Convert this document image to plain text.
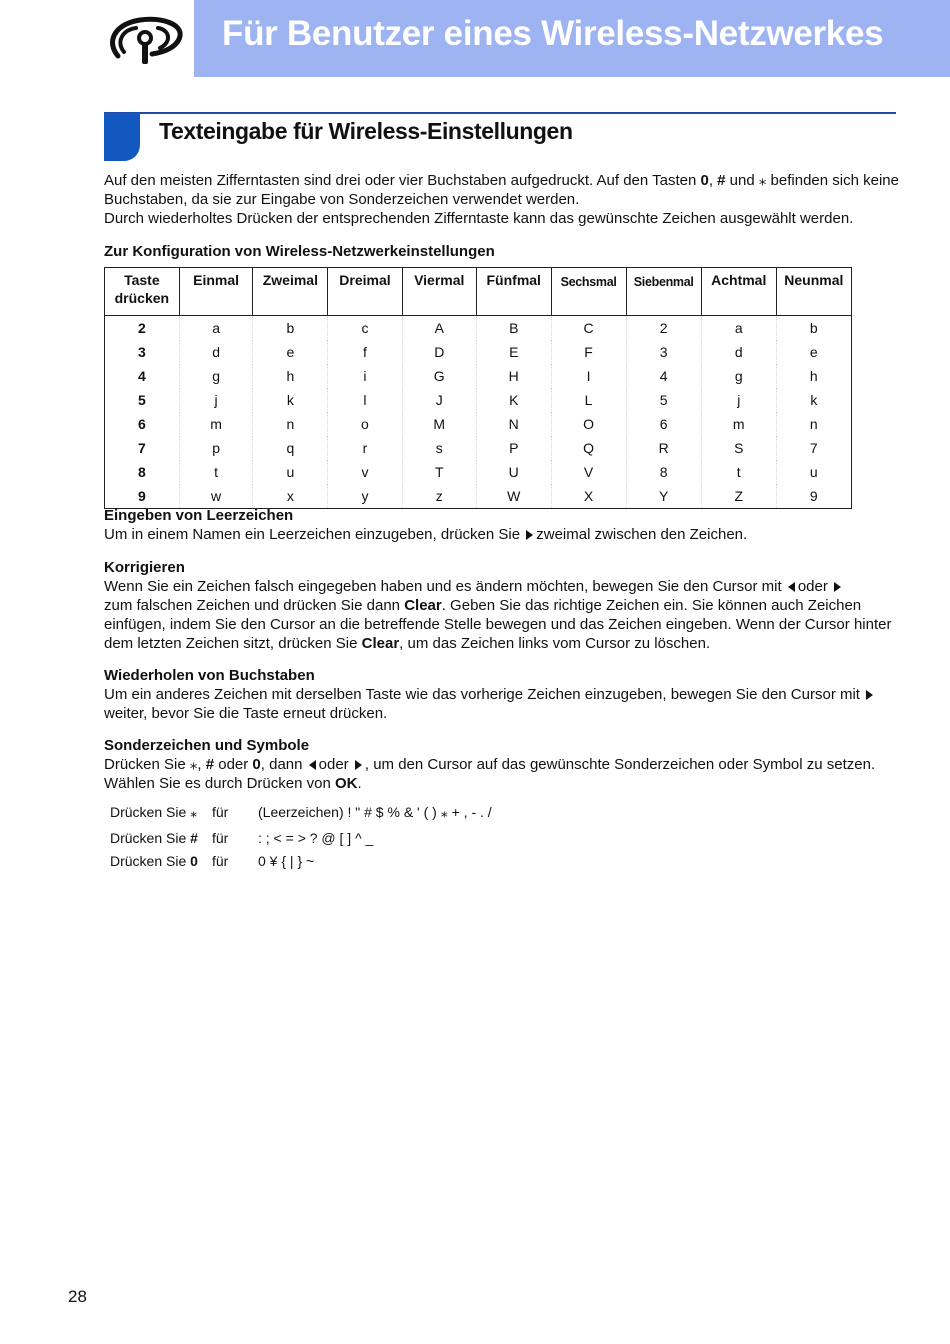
Für Benutzer eines Wireless-Netzwerkes
Texteingabe für Wireless-Einstellungen
Auf den meisten Zifferntasten sind drei oder vier Buchstaben aufgedruckt. Auf den Tasten 0, # und ⁎ befinden sich keine Buchstaben, da sie zur Eingabe von Sonderzeichen verwendet werden.
Durch wiederholtes Drücken der entsprechenden Zifferntaste kann das gewünschte Zeichen ausgewählt werden.
Zur Konfiguration von Wireless-Netzwerkeinstellungen
Taste drücken	Einmal	Zweimal	Dreimal	Viermal	Fünfmal	Sechsmal	Siebenmal	Achtmal	Neunmal
2	a	b	c	A	B	C	2	a	b
3	d	e	f	D	E	F	3	d	e
4	g	h	i	G	H	I	4	g	h
5	j	k	l	J	K	L	5	j	k
6	m	n	o	M	N	O	6	m	n
7	p	q	r	s	P	Q	R	S	7
8	t	u	v	T	U	V	8	t	u
9	w	x	y	z	W	X	Y	Z	9
Eingeben von Leerzeichen
Um in einem Namen ein Leerzeichen einzugeben, drücken Sie zweimal zwischen den Zeichen.
Korrigieren
Wenn Sie ein Zeichen falsch eingegeben haben und es ändern möchten, bewegen Sie den Cursor mit oder
zum falschen Zeichen und drücken Sie dann Clear. Geben Sie das richtige Zeichen ein. Sie können auch Zeichen einfügen, indem Sie den Cursor an die betreffende Stelle bewegen und das Zeichen eingeben. Wenn der Cursor hinter dem letzten Zeichen sitzt, drücken Sie Clear, um das Zeichen links vom Cursor zu löschen.
Wiederholen von Buchstaben
Um ein anderes Zeichen mit derselben Taste wie das vorherige Zeichen einzugeben, bewegen Sie den Cursor mit weiter, bevor Sie die Taste erneut drücken.
Sonderzeichen und Symbole
Drücken Sie ⁎, # oder 0, dann oder , um den Cursor auf das gewünschte Sonderzeichen oder Symbol zu setzen. Wählen Sie es durch Drücken von OK.
Drücken Sie ⁎ für (Leerzeichen) ! " # $ % & ' ( ) ⁎ + , - . /
Drücken Sie # für : ; < = > ? @ [ ] ^ _
Drücken Sie 0 für 0 ¥ { | } ~
28
